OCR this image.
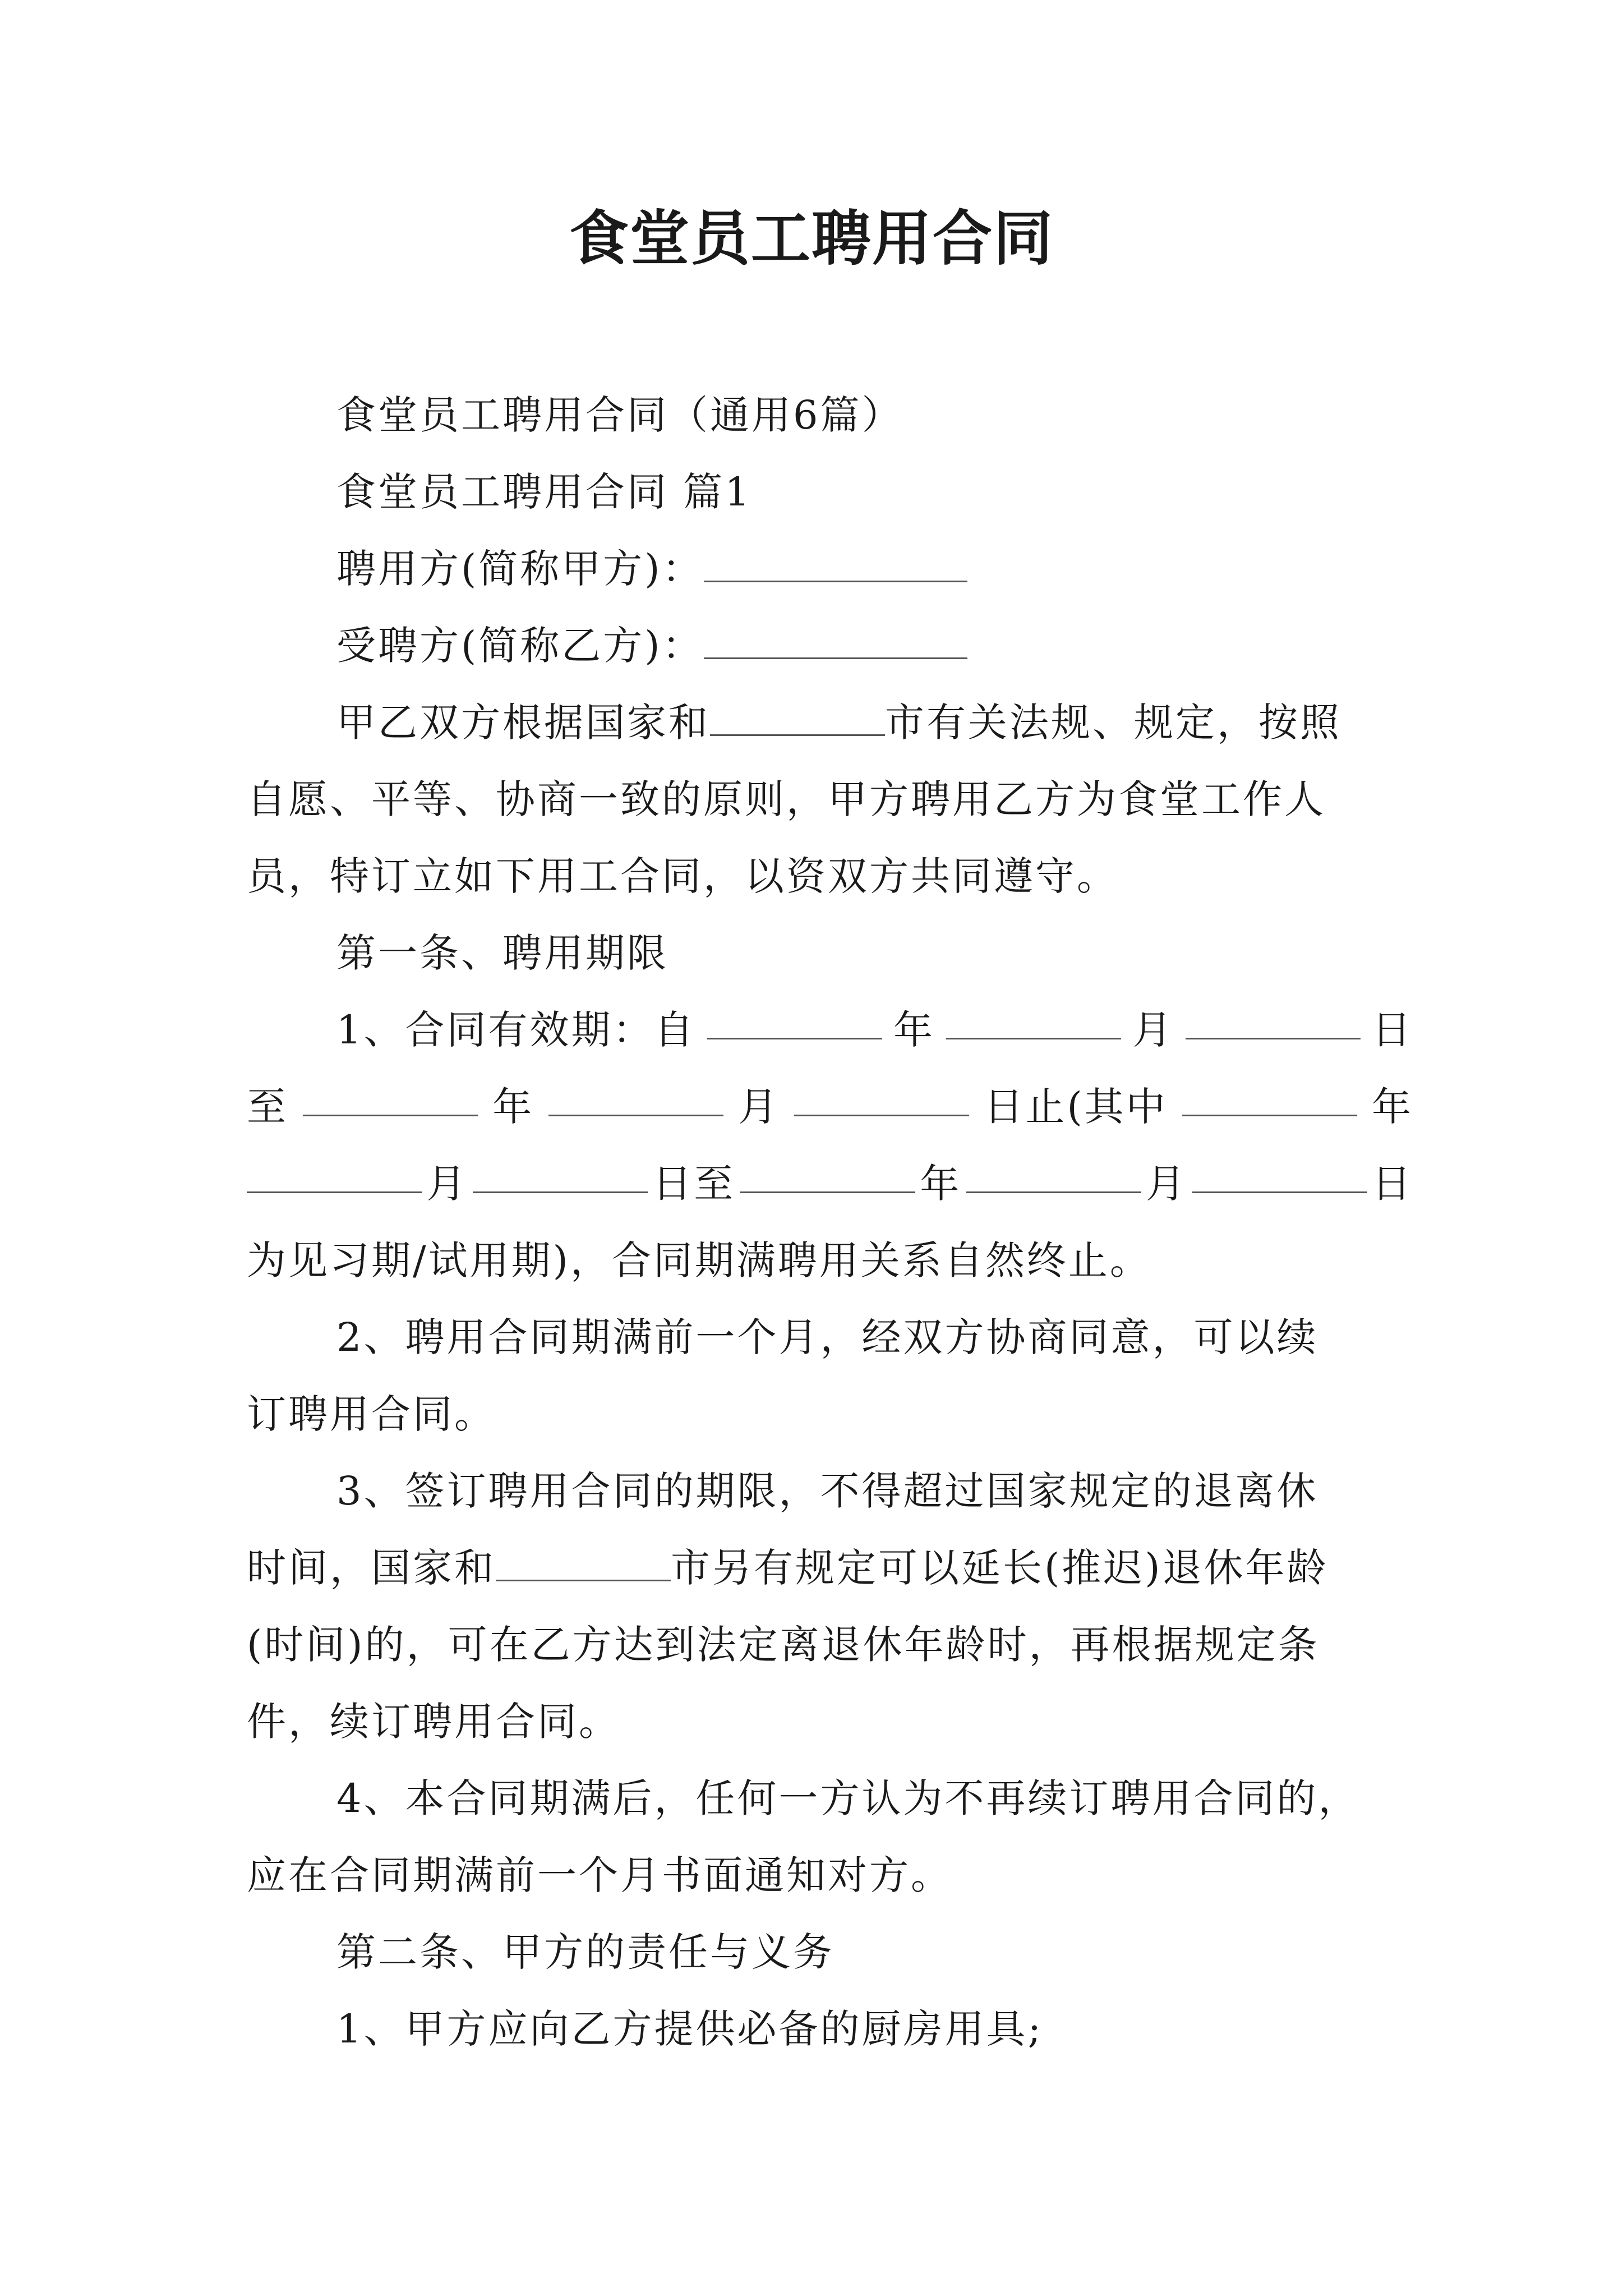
食堂员工聘用合同
食堂员工聘用合同（通用6篇）
食堂员工聘用合同 篇1
聘用方(简称甲方)：
受聘方(简称乙方)：
甲乙双方根据国家和	市有关法规、规定，按照
自愿、平等、协商一致的原则，甲方聘用乙方为食堂工作人
员，特订立如下用工合同，以资双方共同遵守。
第一条、聘用期限
1、合同有效期：自	年	月	日
至	年	月	日止(其中	年
月	日至	年	月	日
为见习期/试用期)，合同期满聘用关系自然终止。
2、聘用合同期满前一个月，经双方协商同意，可以续
订聘用合同。
3、签订聘用合同的期限，不得超过国家规定的退离休
时间，国家和	市另有规定可以延长(推迟)退休年龄
(时间)的，可在乙方达到法定离退休年龄时，再根据规定条
件，续订聘用合同。
4、本合同期满后，任何一方认为不再续订聘用合同的，
应在合同期满前一个月书面通知对方。
第二条、甲方的责任与义务
1、甲方应向乙方提供必备的厨房用具;
